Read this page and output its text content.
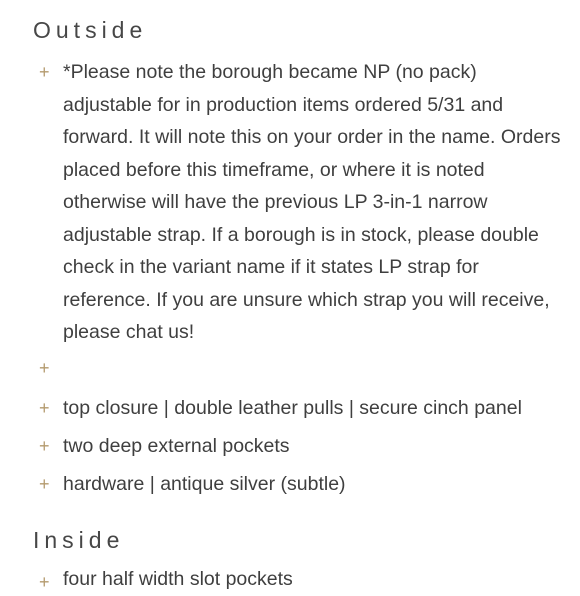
Outside
+ *Please note the borough became NP (no pack) adjustable for in production items ordered 5/31 and forward. It will note this on your order in the name. Orders placed before this timeframe, or where it is noted otherwise will have the previous LP 3-in-1 narrow adjustable strap. If a borough is in stock, please double check in the variant name if it states LP strap for reference. If you are unsure which strap you will receive, please chat us!

+

+ top closure | double leather pulls | secure cinch panel

+ two deep external pockets

+ hardware | antique silver (subtle)

Inside
+ four half width slot pockets
